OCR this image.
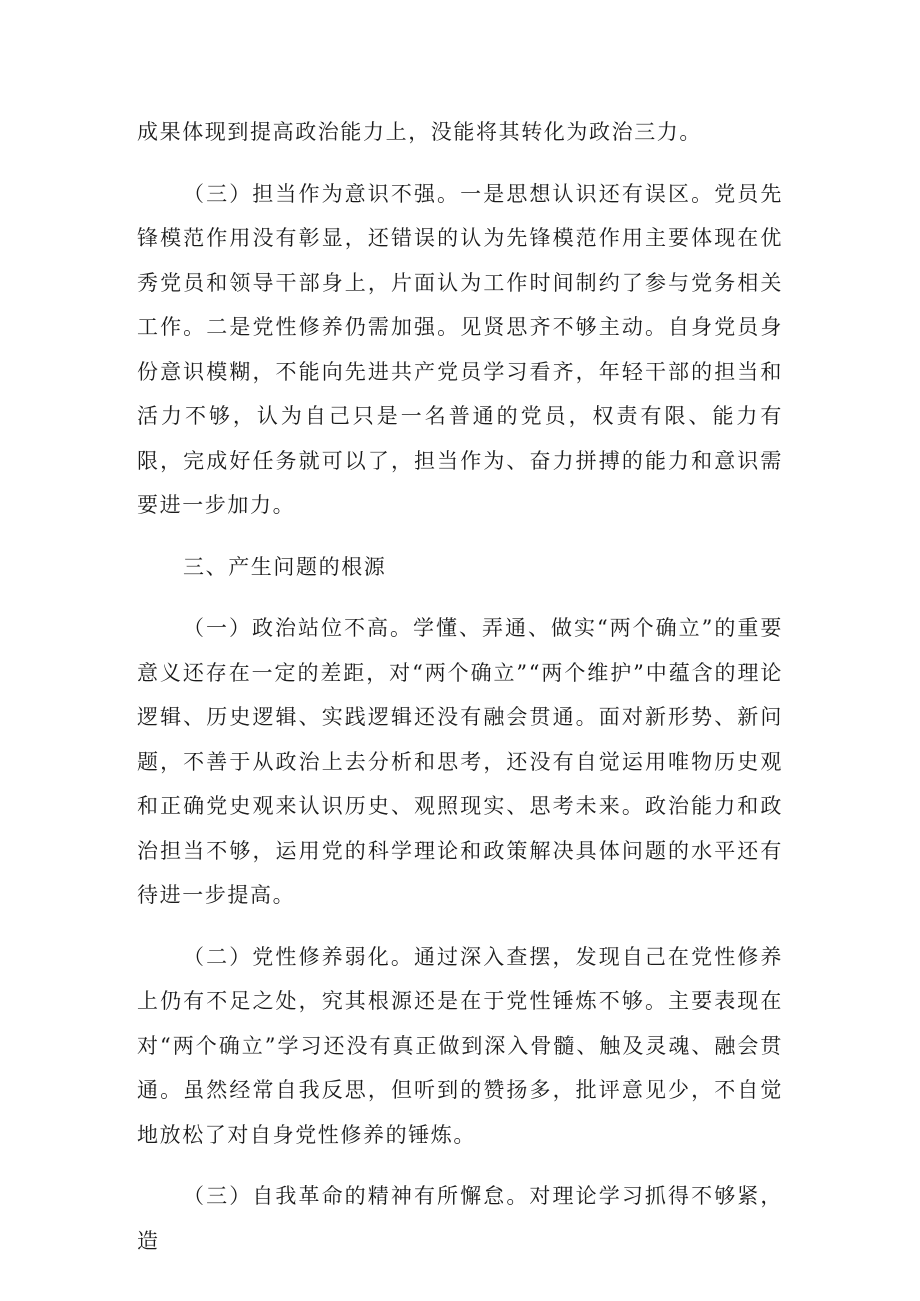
成果体现到提高政治能力上，没能将其转化为政治三力。

（三）担当作为意识不强。一是思想认识还有误区。党员先锋模范作用没有彰显，还错误的认为先锋模范作用主要体现在优秀党员和领导干部身上，片面认为工作时间制约了参与党务相关工作。二是党性修养仍需加强。见贤思齐不够主动。自身党员身份意识模糊，不能向先进共产党员学习看齐，年轻干部的担当和活力不够，认为自己只是一名普通的党员，权责有限、能力有限，完成好任务就可以了，担当作为、奋力拼搏的能力和意识需要进一步加力。

三、产生问题的根源

（一）政治站位不高。学懂、弄通、做实“两个确立”的重要意义还存在一定的差距，对“两个确立”“两个维护”中蕴含的理论逻辑、历史逻辑、实践逻辑还没有融会贯通。面对新形势、新问题，不善于从政治上去分析和思考，还没有自觉运用唯物历史观和正确党史观来认识历史、观照现实、思考未来。政治能力和政治担当不够，运用党的科学理论和政策解决具体问题的水平还有待进一步提高。

（二）党性修养弱化。通过深入查摆，发现自己在党性修养上仍有不足之处，究其根源还是在于党性锤炼不够。主要表现在对“两个确立”学习还没有真正做到深入骨髓、触及灵魂、融会贯通。虽然经常自我反思，但听到的赞扬多，批评意见少，不自觉地放松了对自身党性修养的锤炼。

（三）自我革命的精神有所懈怠。对理论学习抓得不够紧，造
